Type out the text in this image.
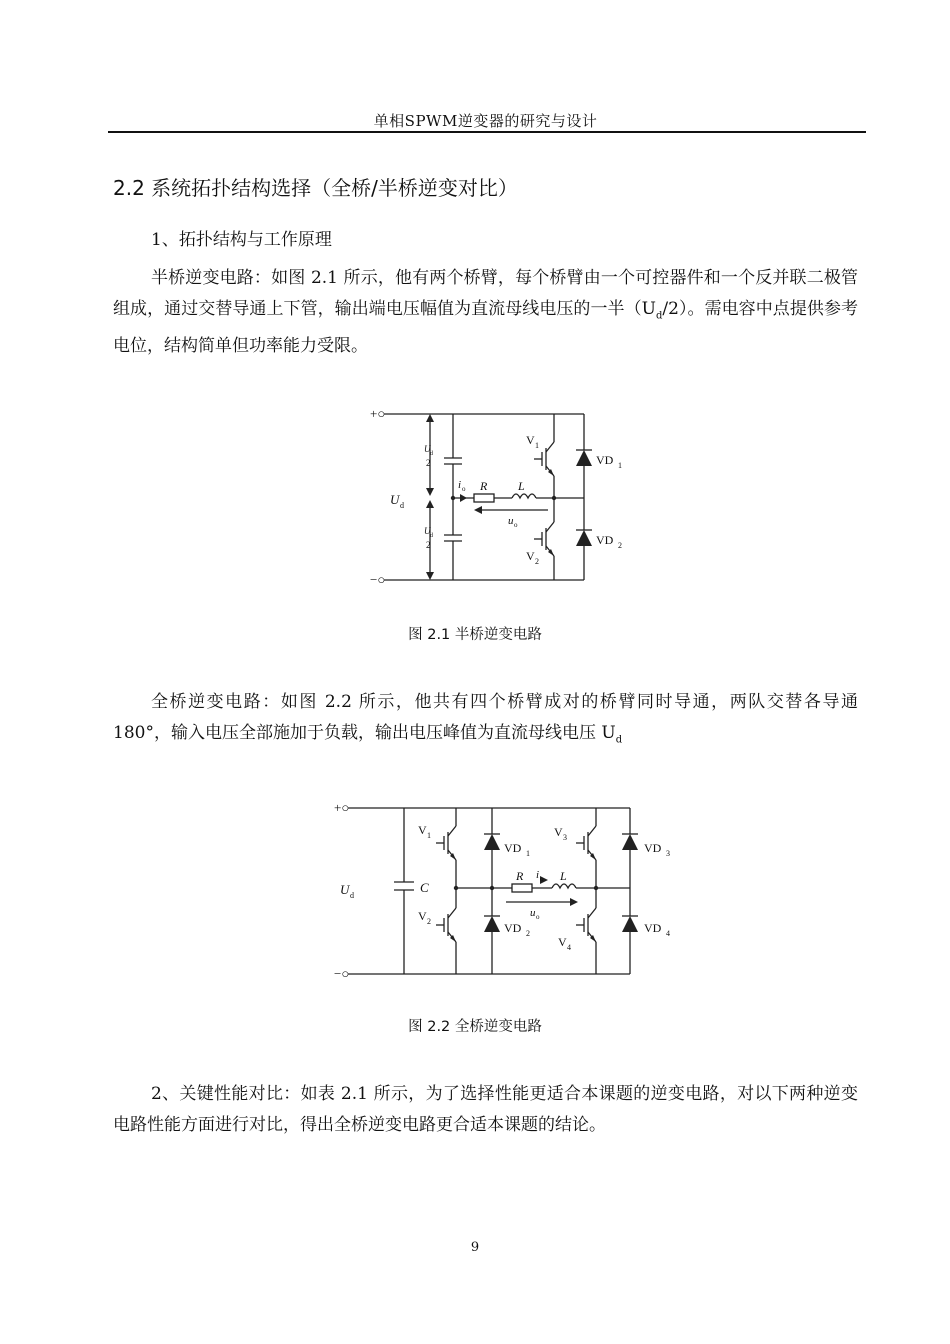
单相SPWM逆变器的研究与设计
2.2 系统拓扑结构选择（全桥/半桥逆变对比）
1、拓扑结构与工作原理
半桥逆变电路：如图 2.1 所示，他有两个桥臂，每个桥臂由一个可控器件和一个反并联二极管组成，通过交替导通上下管，输出端电压幅值为直流母线电压的一半$(U_d/2)$。需电容中点提供参考电位，结构简单但功率能力受限。
+○
−○
U d
U d
2
U d
2
V 1
V 2
VD 1
VD 2
i o R	L
u o
图 2.1 半桥逆变电路
全桥逆变电路：如图 2.2 所示，他共有四个桥臂成对的桥臂同时导通，两队交替各导通 180°，输入电压全部施加于负载，输出电压峰值为直流母线电压 $U_d$
+○
−○
U d
C
V 1
V 2
V 3
V 4
VD 1
VD 2
VD 3
VD 4
R i o L
u o
图 2.2 全桥逆变电路
2、关键性能对比：如表 2.1 所示，为了选择性能更适合本课题的逆变电路，对以下两种逆变电路性能方面进行对比，得出全桥逆变电路更合适本课题的结论。
9
